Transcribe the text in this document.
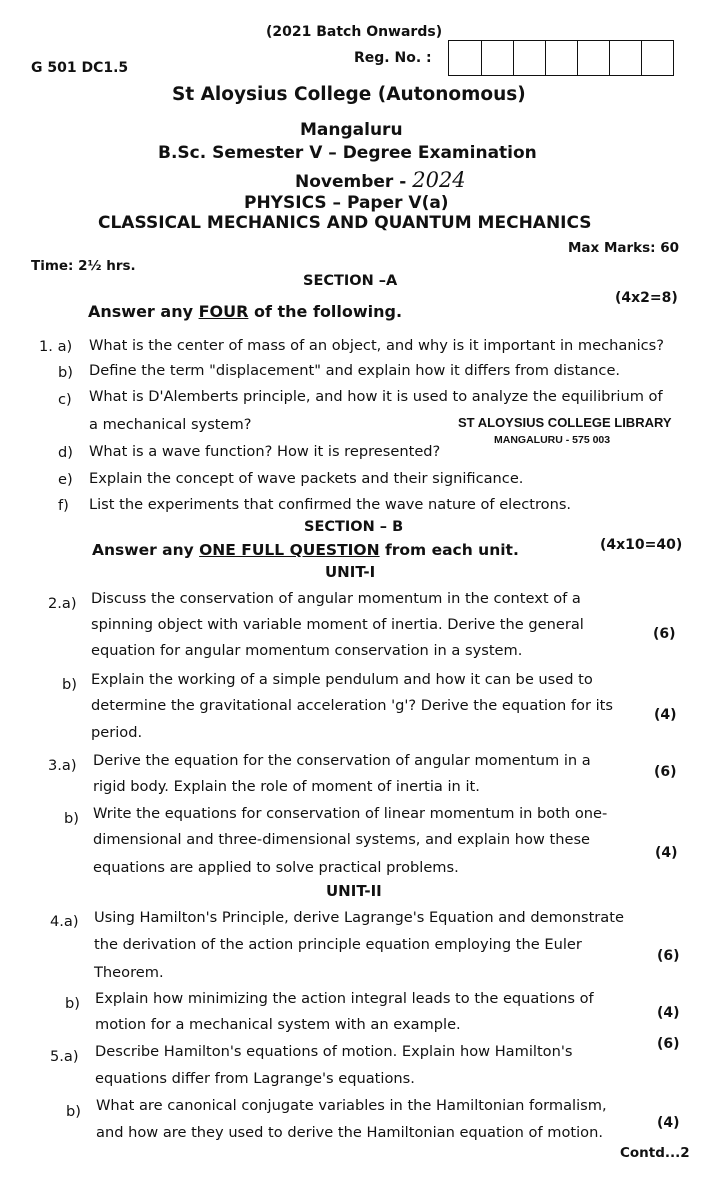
(2021 Batch Onwards)
G 501 DC1.5
Reg. No. :
St Aloysius College (Autonomous)
Mangaluru
B.Sc. Semester V – Degree Examination
November - 2024
PHYSICS – Paper V(a)
CLASSICAL MECHANICS AND QUANTUM MECHANICS
Max Marks: 60
Time: 2½ hrs.
SECTION –A
Answer any FOUR of the following.
(4x2=8)
1. a) What is the center of mass of an object, and why is it important in mechanics?
b) Define the term "displacement" and explain how it differs from distance.
c) What is D'Alemberts principle, and how it is used to analyze the equilibrium of
a mechanical system?
d) What is a wave function? How it is represented?
e) Explain the concept of wave packets and their significance.
f) List the experiments that confirmed the wave nature of electrons.
ST ALOYSIUS COLLEGE LIBRARY
MANGALURU - 575 003
SECTION – B
Answer any ONE FULL QUESTION from each unit.	(4x10=40)
UNIT-I
2.a) Discuss the conservation of angular momentum in the context of a
spinning object with variable moment of inertia. Derive the general
equation for angular momentum conservation in a system.
(6)
b) Explain the working of a simple pendulum and how it can be used to
determine the gravitational acceleration 'g'? Derive the equation for its
period.
(4)
3.a) Derive the equation for the conservation of angular momentum in a
rigid body. Explain the role of moment of inertia in it.
(6)
b) Write the equations for conservation of linear momentum in both one-
dimensional and three-dimensional systems, and explain how these
equations are applied to solve practical problems.
(4)
UNIT-II
4.a) Using Hamilton's Principle, derive Lagrange's Equation and demonstrate
the derivation of the action principle equation employing the Euler
Theorem.
(6)
b) Explain how minimizing the action integral leads to the equations of
motion for a mechanical system with an example.
(4)
5.a) Describe Hamilton's equations of motion. Explain how Hamilton's
equations differ from Lagrange's equations.
(6)
b) What are canonical conjugate variables in the Hamiltonian formalism,
and how are they used to derive the Hamiltonian equation of motion.
(4)
Contd...2
